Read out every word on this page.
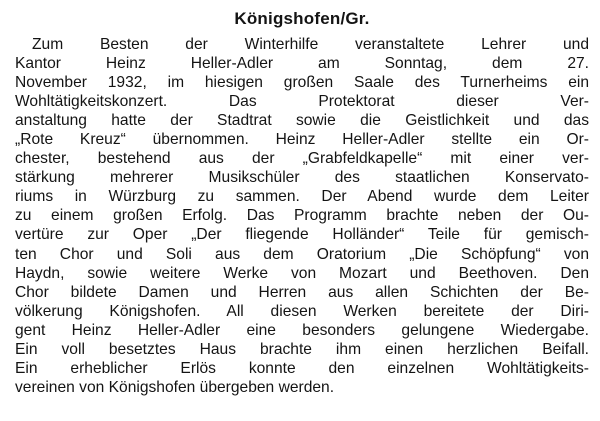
Königshofen/Gr.

Zum Besten der Winterhilfe veranstaltete Lehrer und
Kantor Heinz Heller-Adler am Sonntag, dem 27.
November 1932, im hiesigen großen Saale des Turnerheims ein
Wohltätigkeitskonzert. Das Protektorat dieser Ver-
anstaltung hatte der Stadtrat sowie die Geistlichkeit und das
„Rote Kreuz“ übernommen. Heinz Heller-Adler stellte ein Or-
chester, bestehend aus der „Grabfeldkapelle“ mit einer ver-
stärkung mehrerer Musikschüler des staatlichen Konservato-
riums in Würzburg zu sammen. Der Abend wurde dem Leiter
zu einem großen Erfolg. Das Programm brachte neben der Ou-
vertüre zur Oper „Der fliegende Holländer“ Teile für gemisch-
ten Chor und Soli aus dem Oratorium „Die Schöpfung“ von
Haydn, sowie weitere Werke von Mozart und Beethoven. Den
Chor bildete Damen und Herren aus allen Schichten der Be-
völkerung Königshofen. All diesen Werken bereitete der Diri-
gent Heinz Heller-Adler eine besonders gelungene Wiedergabe.
Ein voll besetztes Haus brachte ihm einen herzlichen Beifall.
Ein erheblicher Erlös konnte den einzelnen Wohltätigkeits-
vereinen von Königshofen übergeben werden.
